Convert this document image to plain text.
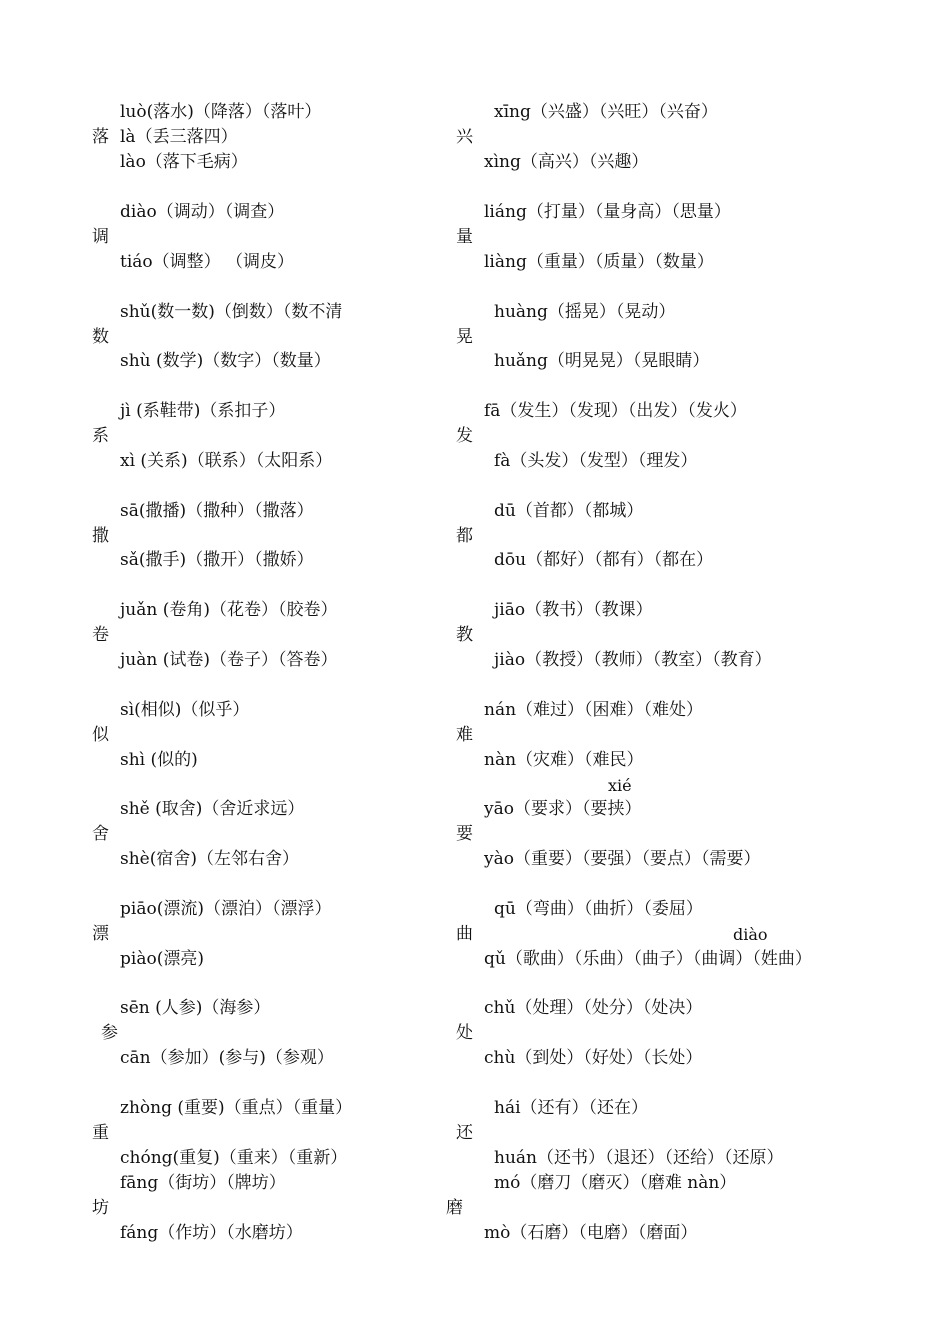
落
luò(落水)（降落）（落叶）
là（丢三落四）
lào（落下毛病）
调
diào（调动）（调查）
tiáo（调整） （调皮）
数
shǔ(数一数)（倒数）（数不清
shù (数学)（数字）（数量）
系
jì (系鞋带)（系扣子）
xì (关系)（联系）（太阳系）
撒
sā(撒播)（撒种）（撒落）
sǎ(撒手)（撒开）（撒娇）
卷
juǎn (卷角)（花卷）（胶卷）
juàn (试卷)（卷子）（答卷）
似
sì(相似)（似乎）
shì (似的)
舍
shě (取舍)（舍近求远）
shè(宿舍)（左邻右舍）
漂
piāo(漂流)（漂泊）（漂浮）
piào(漂亮)
参
sēn (人参)（海参）
cān（参加）(参与)（参观）
重
zhòng (重要)（重点）（重量）
chóng(重复)（重来）（重新）
坊
fāng（街坊）（牌坊）
fáng（作坊）（水磨坊）
兴
xīng（兴盛）（兴旺）（兴奋）
xìng（高兴）（兴趣）
量
liáng（打量）（量身高）（思量）
liàng（重量）（质量）（数量）
晃
huàng（摇晃）（晃动）
huǎng（明晃晃）（晃眼睛）
发
fā（发生）（发现）（出发）（发火）
fà（头发）（发型）（理发）
都
dū（首都）（都城）
dōu（都好）（都有）（都在）
教
jiāo（教书）（教课）
jiào（教授）（教师）（教室）（教育）
难
nán（难过）（困难）（难处）
nàn（灾难）（难民）
xié
要
yāo（要求）（要挟）
yào（重要）（要强）（要点）（需要）
diào
曲
qū（弯曲）（曲折）（委屈）
qǔ（歌曲）（乐曲）（曲子）（曲调）（姓曲）
处
chǔ（处理）（处分）（处决）
chù（到处）（好处）（长处）
还
hái（还有）（还在）
huán（还书）（退还）（还给）（还原）
磨
mó（磨刀（磨灭）（磨难 nàn）
mò（石磨）（电磨）（磨面）
